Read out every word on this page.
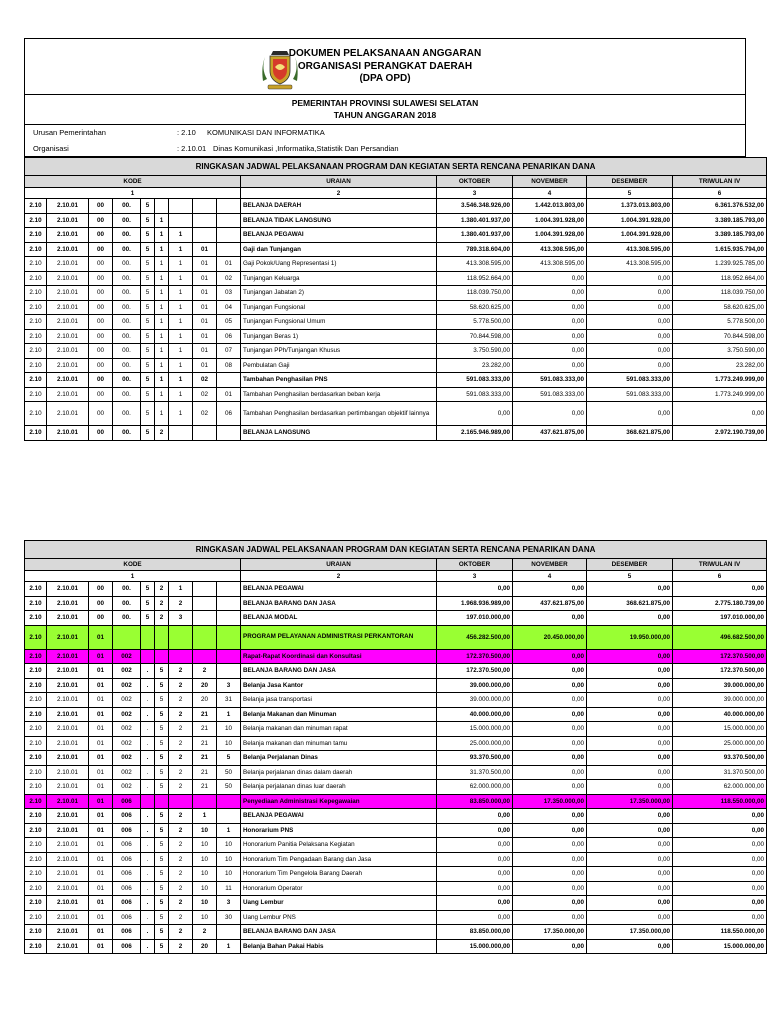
DOKUMEN PELAKSANAAN ANGGARAN
ORGANISASI PERANGKAT DAERAH
(DPA OPD)
PEMERINTAH PROVINSI SULAWESI SELATAN
TAHUN ANGGARAN 2018
Urusan Pemerintahan	: 2.10 KOMUNIKASI DAN INFORMATIKA
Organisasi	: 2.10.01 Dinas Komunikasi ,Informatika,Statistik Dan Persandian
RINGKASAN JADWAL PELAKSANAAN PROGRAM DAN KEGIATAN SERTA RENCANA PENARIKAN DANA													
KODE									URAIAN	OKTOBER	NOVEMBER	DESEMBER	TRIWULAN IV
1									2	3	4	5	6
2.10	2.10.01	00	00.	5					BELANJA DAERAH	3.546.348.926,00	1.442.013.803,00	1.373.013.803,00	6.361.376.532,00
2.10	2.10.01	00	00.	5	1				BELANJA TIDAK LANGSUNG	1.380.401.937,00	1.004.391.928,00	1.004.391.928,00	3.389.185.793,00
2.10	2.10.01	00	00.	5	1	1			BELANJA PEGAWAI	1.380.401.937,00	1.004.391.928,00	1.004.391.928,00	3.389.185.793,00
2.10	2.10.01	00	00.	5	1	1	01		Gaji dan Tunjangan	789.318.604,00	413.308.595,00	413.308.595,00	1.615.935.794,00
2.10	2.10.01	00	00.	5	1	1	01	01	Gaji Pokok/Uang Representasi 1)	413.308.595,00	413.308.595,00	413.308.595,00	1.239.925.785,00
2.10	2.10.01	00	00.	5	1	1	01	02	Tunjangan Keluarga	118.952.664,00	0,00	0,00	118.952.664,00
2.10	2.10.01	00	00.	5	1	1	01	03	Tunjangan Jabatan 2)	118.039.750,00	0,00	0,00	118.039.750,00
2.10	2.10.01	00	00.	5	1	1	01	04	Tunjangan Fungsional	58.620.625,00	0,00	0,00	58.620.625,00
2.10	2.10.01	00	00.	5	1	1	01	05	Tunjangan Fungsional Umum	5.778.500,00	0,00	0,00	5.778.500,00
2.10	2.10.01	00	00.	5	1	1	01	06	Tunjangan Beras 1)	70.844.598,00	0,00	0,00	70.844.598,00
2.10	2.10.01	00	00.	5	1	1	01	07	Tunjangan PPh/Tunjangan Khusus	3.750.590,00	0,00	0,00	3.750.590,00
2.10	2.10.01	00	00.	5	1	1	01	08	Pembulatan Gaji	23.282,00	0,00	0,00	23.282,00
2.10	2.10.01	00	00.	5	1	1	02		Tambahan Penghasilan PNS	591.083.333,00	591.083.333,00	591.083.333,00	1.773.249.999,00
2.10	2.10.01	00	00.	5	1	1	02	01	Tambahan Penghasilan berdasarkan beban kerja	591.083.333,00	591.083.333,00	591.083.333,00	1.773.249.999,00
2.10	2.10.01	00	00.	5	1	1	02	06	Tambahan Penghasilan berdasarkan pertimbangan objektif lainnya	0,00	0,00	0,00	0,00
2.10	2.10.01	00	00.	5	2				BELANJA LANGSUNG	2.165.946.989,00	437.621.875,00	368.621.875,00	2.972.190.739,00
RINGKASAN JADWAL PELAKSANAAN PROGRAM DAN KEGIATAN SERTA RENCANA PENARIKAN DANA													
KODE									URAIAN	OKTOBER	NOVEMBER	DESEMBER	TRIWULAN IV
1									2	3	4	5	6
2.10	2.10.01	00	00.	5	2	1			BELANJA PEGAWAI	0,00	0,00	0,00	0,00
2.10	2.10.01	00	00.	5	2	2			BELANJA BARANG DAN JASA	1.968.936.989,00	437.621.875,00	368.621.875,00	2.775.180.739,00
2.10	2.10.01	00	00.	5	2	3			BELANJA MODAL	197.010.000,00	0,00	0,00	197.010.000,00
2.10	2.10.01	01							PROGRAM PELAYANAN ADMINISTRASI PERKANTORAN	456.282.500,00	20.450.000,00	19.950.000,00	496.682.500,00
2.10	2.10.01	01	002						Rapat-Rapat Koordinasi dan Konsultasi	172.370.500,00	0,00	0,00	172.370.500,00
2.10	2.10.01	01	002	.	5	2	2		BELANJA BARANG DAN JASA	172.370.500,00	0,00	0,00	172.370.500,00
2.10	2.10.01	01	002	.	5	2	20	3	Belanja Jasa Kantor	39.000.000,00	0,00	0,00	39.000.000,00
2.10	2.10.01	01	002	.	5	2	20	31	Belanja jasa transportasi	39.000.000,00	0,00	0,00	39.000.000,00
2.10	2.10.01	01	002	.	5	2	21	1	Belanja Makanan dan Minuman	40.000.000,00	0,00	0,00	40.000.000,00
2.10	2.10.01	01	002	.	5	2	21	10	Belanja makanan dan minuman rapat	15.000.000,00	0,00	0,00	15.000.000,00
2.10	2.10.01	01	002	.	5	2	21	10	Belanja makanan dan minuman tamu	25.000.000,00	0,00	0,00	25.000.000,00
2.10	2.10.01	01	002	.	5	2	21	5	Belanja Perjalanan Dinas	93.370.500,00	0,00	0,00	93.370.500,00
2.10	2.10.01	01	002	.	5	2	21	50	Belanja perjalanan dinas dalam daerah	31.370.500,00	0,00	0,00	31.370.500,00
2.10	2.10.01	01	002	.	5	2	21	50	Belanja perjalanan dinas luar daerah	62.000.000,00	0,00	0,00	62.000.000,00
2.10	2.10.01	01	006						Penyediaan Administrasi Kepegawaian	83.850.000,00	17.350.000,00	17.350.000,00	118.550.000,00
2.10	2.10.01	01	006	.	5	2	1		BELANJA PEGAWAI	0,00	0,00	0,00	0,00
2.10	2.10.01	01	006	.	5	2	10	1	Honorarium PNS	0,00	0,00	0,00	0,00
2.10	2.10.01	01	006	.	5	2	10	10	Honorarium Panitia Pelaksana Kegiatan	0,00	0,00	0,00	0,00
2.10	2.10.01	01	006	.	5	2	10	10	Honorarium Tim Pengadaan Barang dan Jasa	0,00	0,00	0,00	0,00
2.10	2.10.01	01	006	.	5	2	10	10	Honorarium Tim Pengelola Barang Daerah	0,00	0,00	0,00	0,00
2.10	2.10.01	01	006	.	5	2	10	11	Honorarium Operator	0,00	0,00	0,00	0,00
2.10	2.10.01	01	006	.	5	2	10	3	Uang Lembur	0,00	0,00	0,00	0,00
2.10	2.10.01	01	006	.	5	2	10	30	Uang Lembur PNS	0,00	0,00	0,00	0,00
2.10	2.10.01	01	006	.	5	2	2		BELANJA BARANG DAN JASA	83.850.000,00	17.350.000,00	17.350.000,00	118.550.000,00
2.10	2.10.01	01	006	.	5	2	20	1	Belanja Bahan Pakai Habis	15.000.000,00	0,00	0,00	15.000.000,00
